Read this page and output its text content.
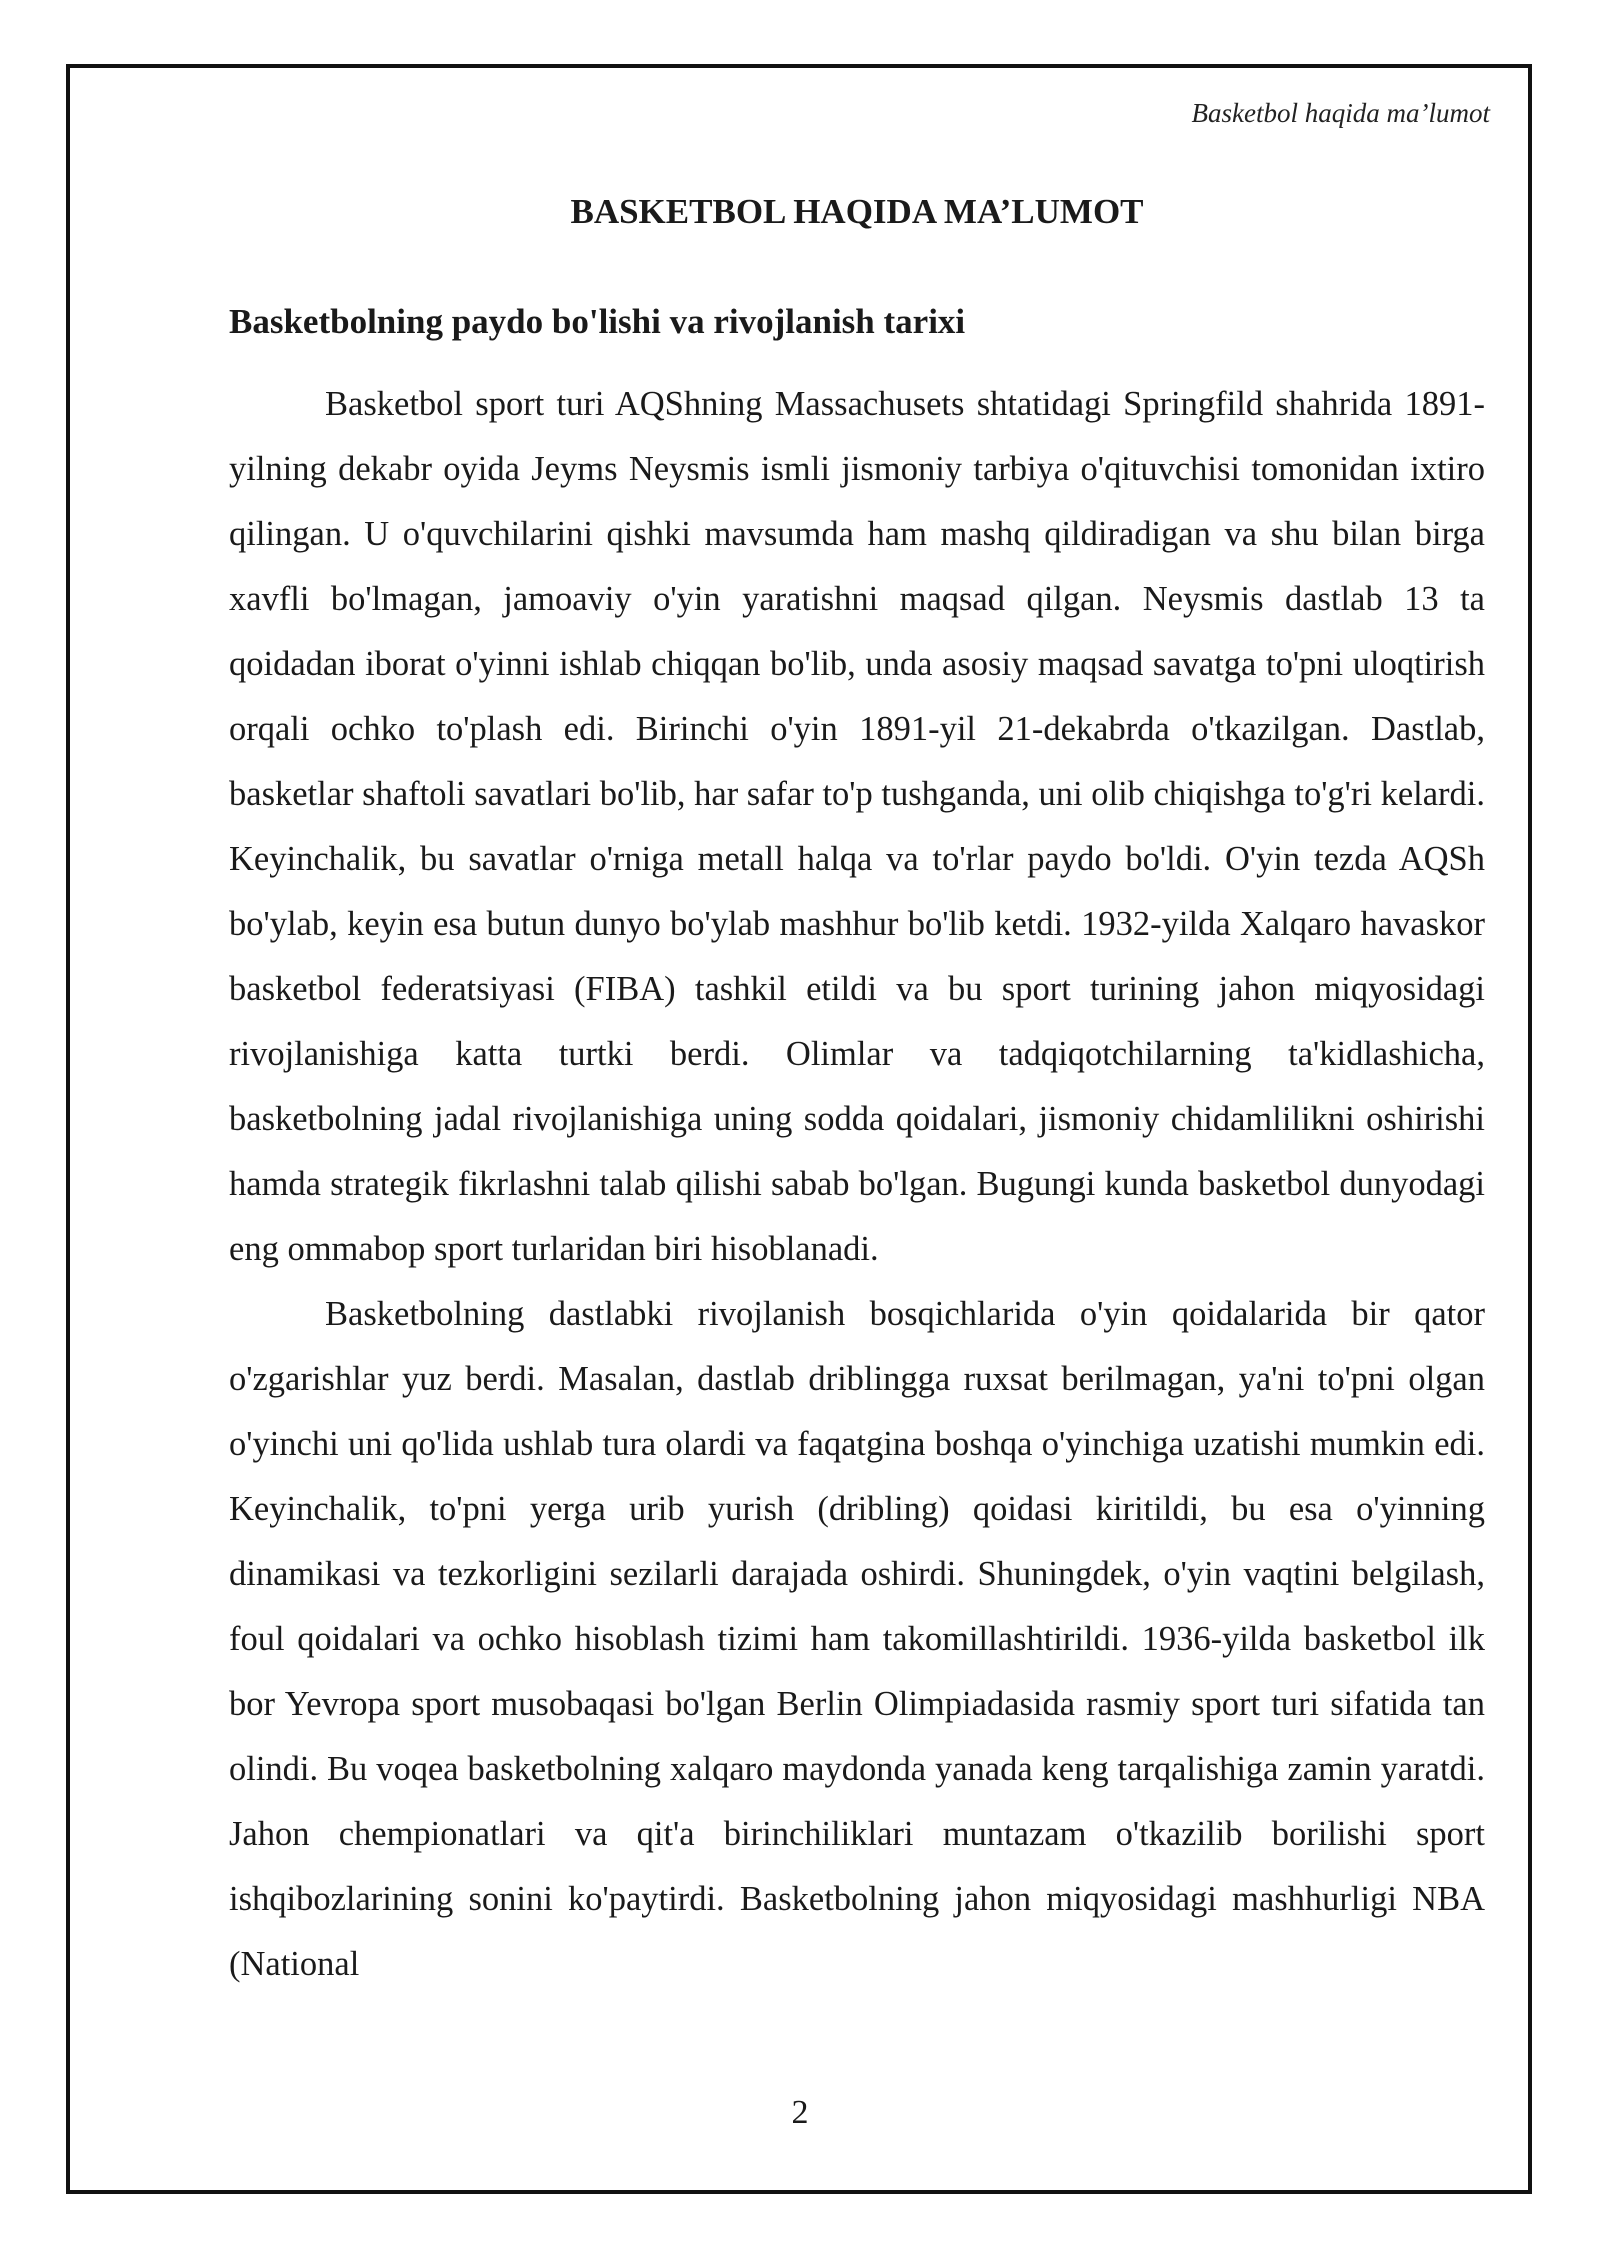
Basketbol haqida ma’lumot
BASKETBOL HAQIDA MA’LUMOT
Basketbolning paydo bo'lishi va rivojlanish tarixi

Basketbol sport turi AQShning Massachusets shtatidagi Springfild shahrida 1891-yilning dekabr oyida Jeyms Neysmis ismli jismoniy tarbiya o'qituvchisi tomonidan ixtiro qilingan. U o'quvchilarini qishki mavsumda ham mashq qildiradigan va shu bilan birga xavfli bo'lmagan, jamoaviy o'yin yaratishni maqsad qilgan. Neysmis dastlab 13 ta qoidadan iborat o'yinni ishlab chiqqan bo'lib, unda asosiy maqsad savatga to'pni uloqtirish orqali ochko to'plash edi. Birinchi o'yin 1891-yil 21-dekabrda o'tkazilgan. Dastlab, basketlar shaftoli savatlari bo'lib, har safar to'p tushganda, uni olib chiqishga to'g'ri kelardi. Keyinchalik, bu savatlar o'rniga metall halqa va to'rlar paydo bo'ldi. O'yin tezda AQSh bo'ylab, keyin esa butun dunyo bo'ylab mashhur bo'lib ketdi. 1932-yilda Xalqaro havaskor basketbol federatsiyasi (FIBA) tashkil etildi va bu sport turining jahon miqyosidagi rivojlanishiga katta turtki berdi. Olimlar va tadqiqotchilarning ta'kidlashicha, basketbolning jadal rivojlanishiga uning sodda qoidalari, jismoniy chidamlilikni oshirishi hamda strategik fikrlashni talab qilishi sabab bo'lgan. Bugungi kunda basketbol dunyodagi eng ommabop sport turlaridan biri hisoblanadi.

Basketbolning dastlabki rivojlanish bosqichlarida o'yin qoidalarida bir qator o'zgarishlar yuz berdi. Masalan, dastlab driblingga ruxsat berilmagan, ya'ni to'pni olgan o'yinchi uni qo'lida ushlab tura olardi va faqatgina boshqa o'yinchiga uzatishi mumkin edi. Keyinchalik, to'pni yerga urib yurish (dribling) qoidasi kiritildi, bu esa o'yinning dinamikasi va tezkorligini sezilarli darajada oshirdi. Shuningdek, o'yin vaqtini belgilash, foul qoidalari va ochko hisoblash tizimi ham takomillashtirildi. 1936-yilda basketbol ilk bor Yevropa sport musobaqasi bo'lgan Berlin Olimpiadasida rasmiy sport turi sifatida tan olindi. Bu voqea basketbolning xalqaro maydonda yanada keng tarqalishiga zamin yaratdi. Jahon chempionatlari va qit'a birinchiliklari muntazam o'tkazilib borilishi sport ishqibozlarining sonini ko'paytirdi. Basketbolning jahon miqyosidagi mashhurligi NBA (National

2
